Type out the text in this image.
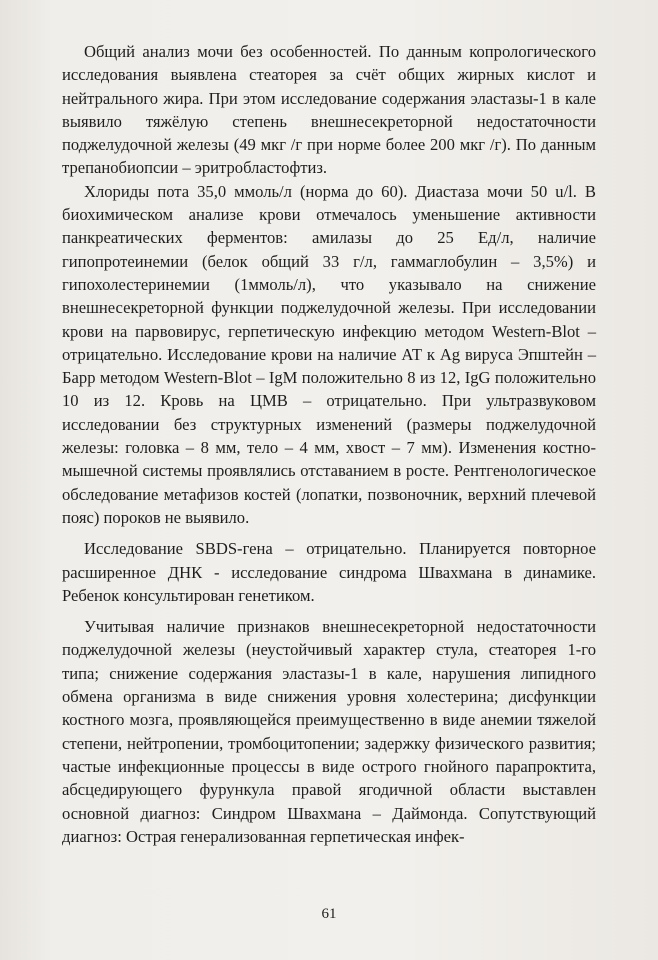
Общий анализ мочи без особенностей. По данным копрологического исследования выявлена стеаторея за счёт общих жирных кислот и нейтрального жира. При этом исследование содержания эластазы-1 в кале выявило тяжёлую степень внешнесекреторной недостаточности поджелудочной железы (49 мкг /г при норме более 200 мкг /г). По данным трепанобиопсии – эритробластофтиз.

Хлориды пота 35,0 ммоль/л (норма до 60). Диастаза мочи 50 u/l. В биохимическом анализе крови отмечалось уменьшение активности панкреатических ферментов: амилазы до 25 Ед/л, наличие гипопротеинемии (белок общий 33 г/л, гаммаглобулин – 3,5%) и гипохолестеринемии (1ммоль/л), что указывало на снижение внешнесекреторной функции поджелудочной железы. При исследовании крови на парвовирус, герпетическую инфекцию методом Western-Blot – отрицательно. Исследование крови на наличие АТ к Ag вируса Эпштейн – Барр методом Western-Blot – IgM положительно 8 из 12, IgG положительно 10 из 12. Кровь на ЦМВ – отрицательно. При ультразвуковом исследовании без структурных изменений (размеры поджелудочной железы: головка – 8 мм, тело – 4 мм, хвост – 7 мм). Изменения костно-мышечной системы проявлялись отставанием в росте. Рентгенологическое обследование метафизов костей (лопатки, позвоночник, верхний плечевой пояс) пороков не выявило.

Исследование SBDS-гена – отрицательно. Планируется повторное расширенное ДНК - исследование синдрома Швахмана в динамике. Ребенок консультирован генетиком.

Учитывая наличие признаков внешнесекреторной недостаточности поджелудочной железы (неустойчивый характер стула, стеаторея 1-го типа; снижение содержания эластазы-1 в кале, нарушения липидного обмена организма в виде снижения уровня холестерина; дисфункции костного мозга, проявляющейся преимущественно в виде анемии тяжелой степени, нейтропении, тромбоцитопении; задержку физического развития; частые инфекционные процессы в виде острого гнойного парапроктита, абсцедирующего фурункула правой ягодичной области выставлен основной диагноз: Синдром Швахмана – Даймонда. Сопутствующий диагноз: Острая генерализованная герпетическая инфек-

61
